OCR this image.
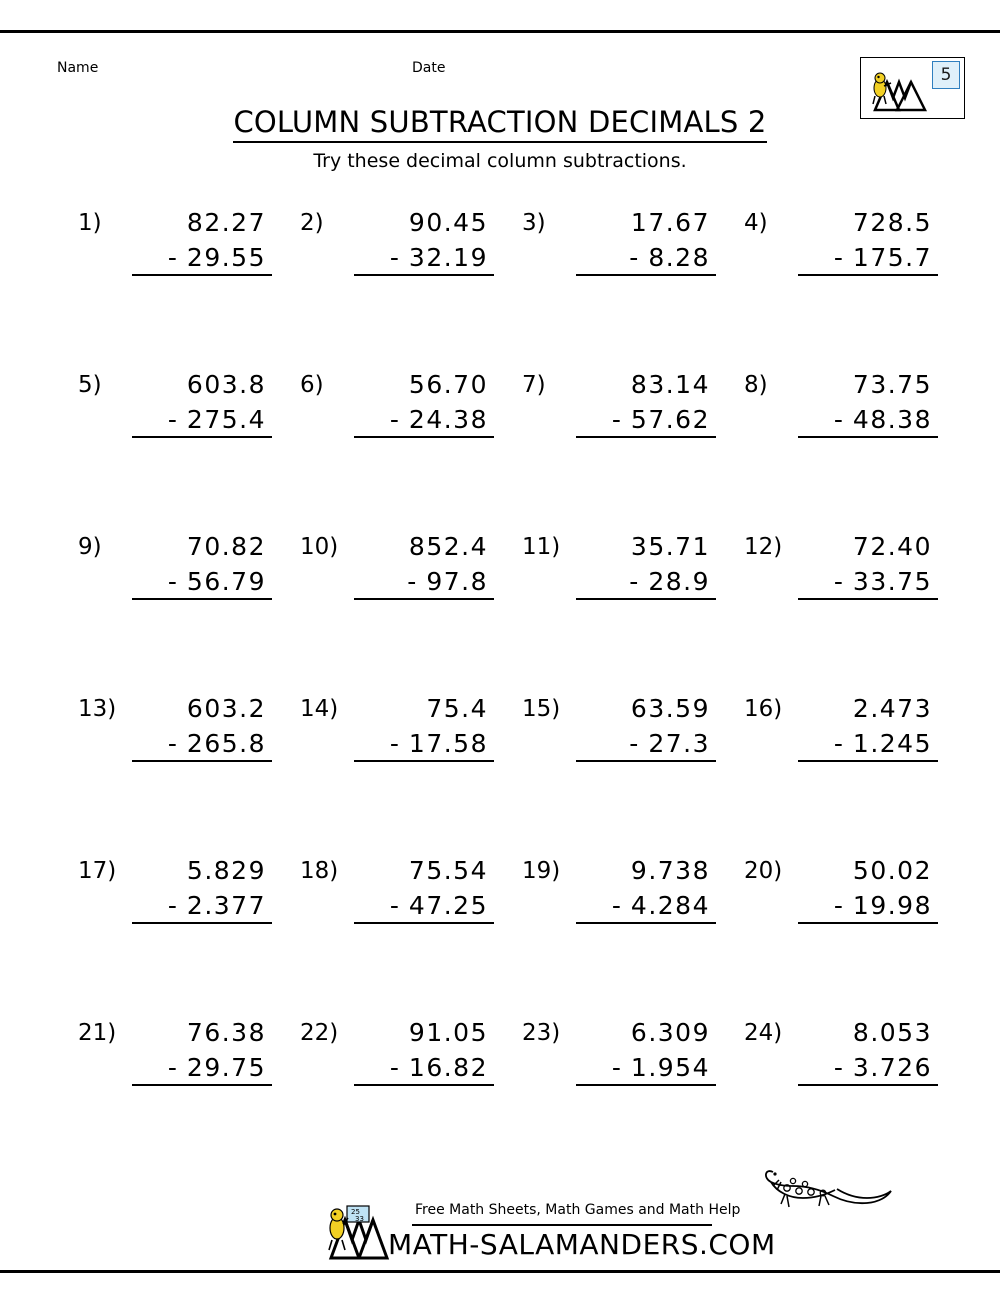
Name	Date	5
COLUMN SUBTRACTION DECIMALS 2
Try these decimal column subtractions.
1)	82.27
- 29.55
2)	90.45
- 32.19
3)	17.67
- 8.28
4)	728.5
- 175.7
5)	603.8
- 275.4
6)	56.70
- 24.38
7)	83.14
- 57.62
8)	73.75
- 48.38
9)	70.82
- 56.79
10)	852.4
- 97.8
11)	35.71
- 28.9
12)	72.40
- 33.75
13)	603.2
- 265.8
14)	75.4
- 17.58
15)	63.59
- 27.3
16)	2.473
- 1.245
17)	5.829
- 2.377
18)	75.54
- 47.25
19)	9.738
- 4.284
20)	50.02
- 19.98
21)	76.38
- 29.75
22)	91.05
- 16.82
23)	6.309
- 1.954
24)	8.053
- 3.726
25
33
Free Math Sheets, Math Games and Math Help
MATH-SALAMANDERS.COM
